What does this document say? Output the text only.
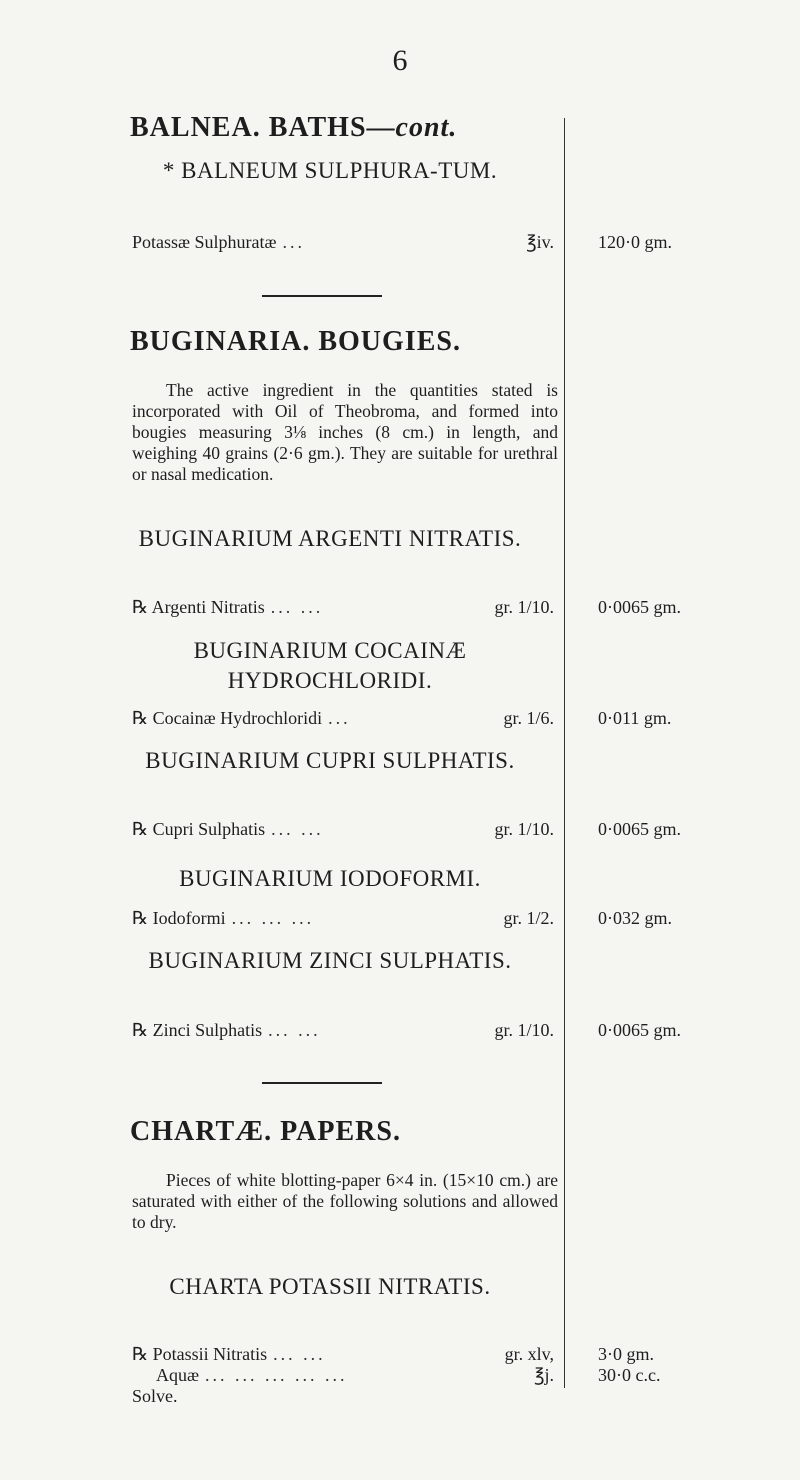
6
BALNEA. BATHS—cont.
* BALNEUM SULPHURA-TUM.
Potassæ Sulphuratæ ...	℥iv. 120·0 gm.
BUGINARIA. BOUGIES.
The active ingredient in the quantities stated is incorporated with Oil of Theobroma, and formed into bougies measuring 3⅛ inches (8 cm.) in length, and weighing 40 grains (2·6 gm.). They are suitable for urethral or nasal medication.
BUGINARIUM ARGENTI NITRATIS.
℞ Argenti Nitratis ... ...	gr. 1/10. 0·0065 gm.
BUGINARIUM COCAINÆ HYDROCHLORIDI.
℞ Cocainæ Hydrochloridi ...	gr. 1/6. 0·011 gm.
BUGINARIUM CUPRI SULPHATIS.
℞ Cupri Sulphatis ... ...	gr. 1/10. 0·0065 gm.
BUGINARIUM IODOFORMI.
℞ Iodoformi ... ... ...	gr. 1/2. 0·032 gm.
BUGINARIUM ZINCI SULPHATIS.
℞ Zinci Sulphatis ... ...	gr. 1/10. 0·0065 gm.
CHARTÆ. PAPERS.
Pieces of white blotting-paper 6×4 in. (15×10 cm.) are saturated with either of the following solutions and allowed to dry.
CHARTA POTASSII NITRATIS.
℞ Potassii Nitratis ... ...	gr. xlv, 3·0 gm.
Aquæ ... ... ... ... ...	℥j. 30·0 c.c.
Solve.
